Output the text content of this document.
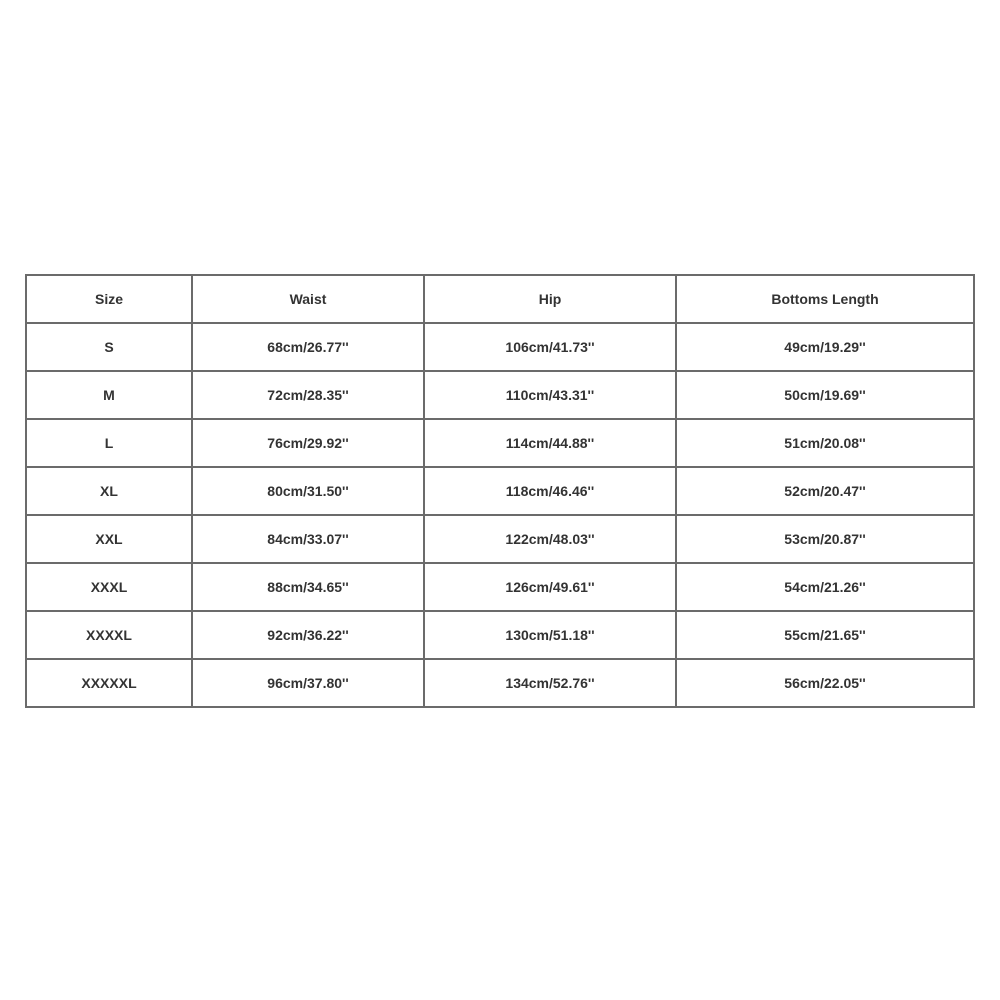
Size	Waist	Hip	Bottoms Length
S	68cm/26.77''	106cm/41.73''	49cm/19.29''
M	72cm/28.35''	110cm/43.31''	50cm/19.69''
L	76cm/29.92''	114cm/44.88''	51cm/20.08''
XL	80cm/31.50''	118cm/46.46''	52cm/20.47''
XXL	84cm/33.07''	122cm/48.03''	53cm/20.87''
XXXL	88cm/34.65''	126cm/49.61''	54cm/21.26''
XXXXL	92cm/36.22''	130cm/51.18''	55cm/21.65''
XXXXXL	96cm/37.80''	134cm/52.76''	56cm/22.05''
